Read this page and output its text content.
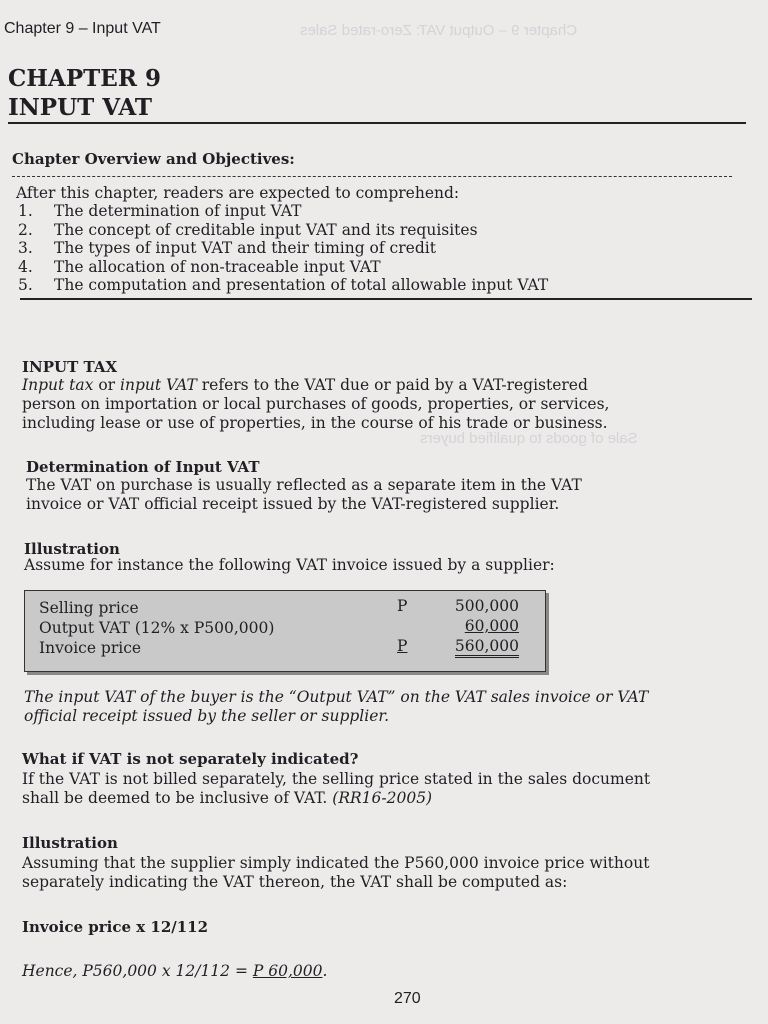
Chapter 9 – Output VAT: Zero-rated Sales
Sale of goods to qualified buyers
Chapter 9 – Input VAT
CHAPTER 9
INPUT VAT
Chapter Overview and Objectives:

After this chapter, readers are expected to comprehend:

1. The determination of input VAT
2. The concept of creditable input VAT and its requisites
3. The types of input VAT and their timing of credit
4. The allocation of non-traceable input VAT
5. The computation and presentation of total allowable input VAT
INPUT TAX

Input tax or input VAT refers to the VAT due or paid by a VAT-registered
person on importation or local purchases of goods, properties, or services,
including lease or use of properties, in the course of his trade or business.

Determination of Input VAT

The VAT on purchase is usually reflected as a separate item in the VAT
invoice or VAT official receipt issued by the VAT-registered supplier.

Illustration

Assume for instance the following VAT invoice issued by a supplier:

Selling price	P	500,000
Output VAT (12% x P500,000)	60,000
Invoice price	P	560,000

The input VAT of the buyer is the “Output VAT” on the VAT sales invoice or VAT
official receipt issued by the seller or supplier.

What if VAT is not separately indicated?

If the VAT is not billed separately, the selling price stated in the sales document
shall be deemed to be inclusive of VAT. (RR16-2005)

Illustration

Assuming that the supplier simply indicated the P560,000 invoice price without
separately indicating the VAT thereon, the VAT shall be computed as:

Invoice price x 12/112

Hence, P560,000 x 12/112 = P 60,000.

270
